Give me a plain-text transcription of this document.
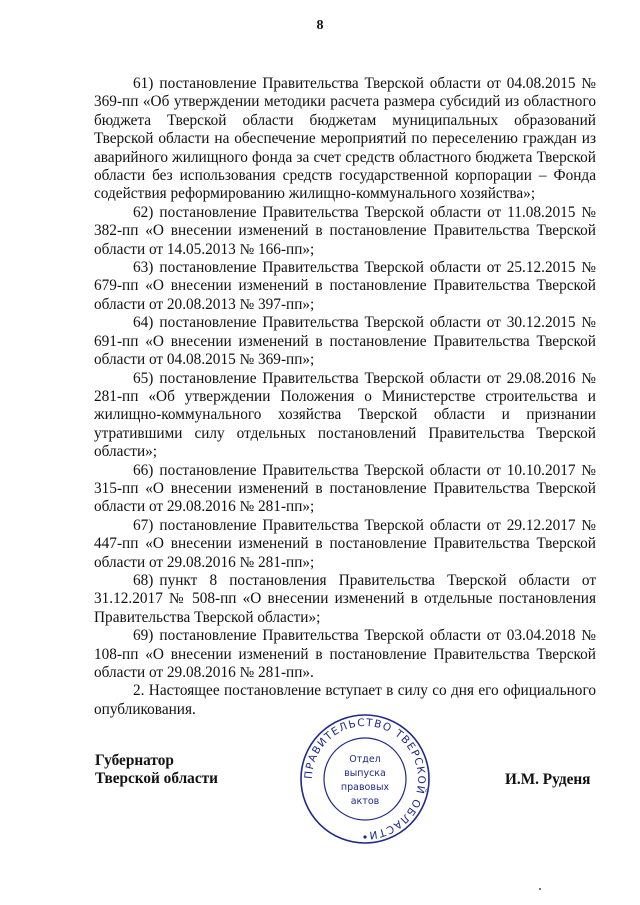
8

61) постановление Правительства Тверской области от 04.08.2015 № 369-пп «Об утверждении методики расчета размера субсидий из областного бюджета Тверской области бюджетам муниципальных образований Тверской области на обеспечение мероприятий по переселению граждан из аварийного жилищного фонда за счет средств областного бюджета Тверской области без использования средств государственной корпорации – Фонда содействия реформированию жилищно-коммунального хозяйства»;

62) постановление Правительства Тверской области от 11.08.2015 № 382-пп «О внесении изменений в постановление Правительства Тверской области от 14.05.2013 № 166-пп»;

63) постановление Правительства Тверской области от 25.12.2015 № 679-пп «О внесении изменений в постановление Правительства Тверской области от 20.08.2013 № 397-пп»;

64) постановление Правительства Тверской области от 30.12.2015 № 691-пп «О внесении изменений в постановление Правительства Тверской области от 04.08.2015 № 369-пп»;

65) постановление Правительства Тверской области от 29.08.2016 № 281-пп «Об утверждении Положения о Министерстве строительства и жилищно-коммунального хозяйства Тверской области и признании утратившими силу отдельных постановлений Правительства Тверской области»;

66) постановление Правительства Тверской области от 10.10.2017 № 315-пп «О внесении изменений в постановление Правительства Тверской области от 29.08.2016 № 281-пп»;

67) постановление Правительства Тверской области от 29.12.2017 № 447-пп «О внесении изменений в постановление Правительства Тверской области от 29.08.2016 № 281-пп»;

68) пункт 8 постановления Правительства Тверской области от 31.12.2017 № 508-пп «О внесении изменений в отдельные постановления Правительства Тверской области»;

69) постановление Правительства Тверской области от 03.04.2018 № 108-пп «О внесении изменений в постановление Правительства Тверской области от 29.08.2016 № 281-пп».

2. Настоящее постановление вступает в силу со дня его официального опубликования.

Губернатор
Тверской области	ПРАВИТЕЛЬСТВО ТВЕРСКОЙ ОБЛАСТИ
Отдел
выпуска
правовых
актов
И.М. Руденя
